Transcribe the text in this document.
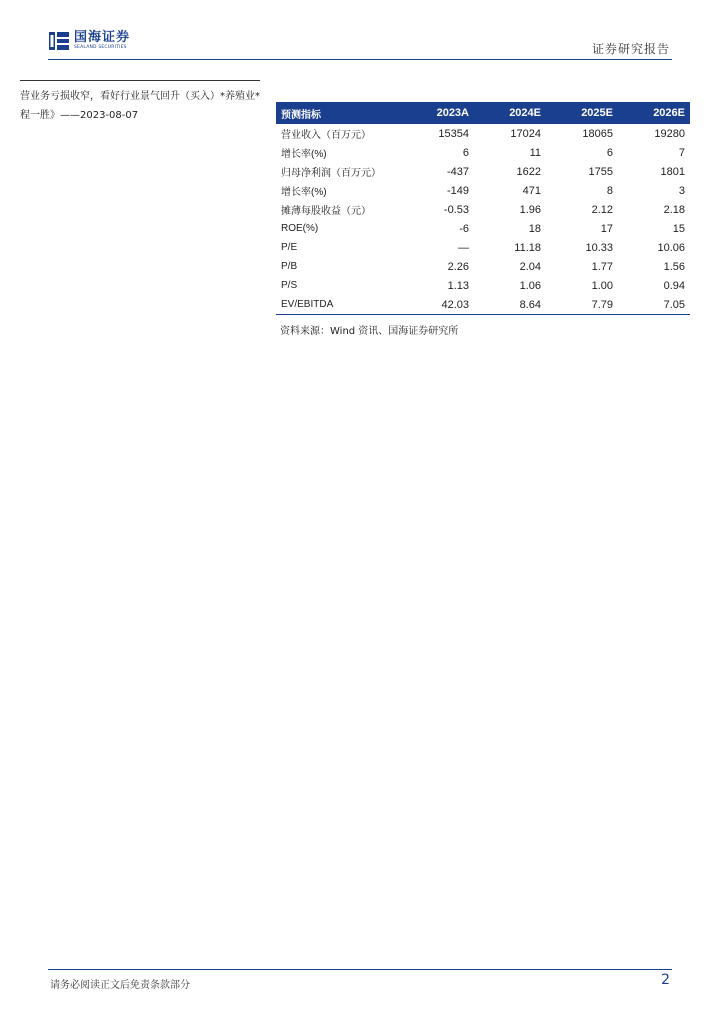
国海证券
SEALAND SECURITIES	证券研究报告
营业务亏损收窄，看好行业景气回升（买入）*养殖业*程一胜》——2023-08-07	预测指标	2023A	2024E	2025E	2026E
营业收入（百万元）	15354	17024	18065	19280
增长率(%)	6	11	6	7
归母净利润（百万元）	-437	1622	1755	1801
增长率(%)	-149	471	8	3
摊薄每股收益（元）	-0.53	1.96	2.12	2.18
ROE(%)	-6	18	17	15
P/E	—	11.18	10.33	10.06
P/B	2.26	2.04	1.77	1.56
P/S	1.13	1.06	1.00	0.94
EV/EBITDA	42.03	8.64	7.79	7.05
资料来源：Wind 资讯、国海证券研究所
请务必阅读正文后免责条款部分	2
